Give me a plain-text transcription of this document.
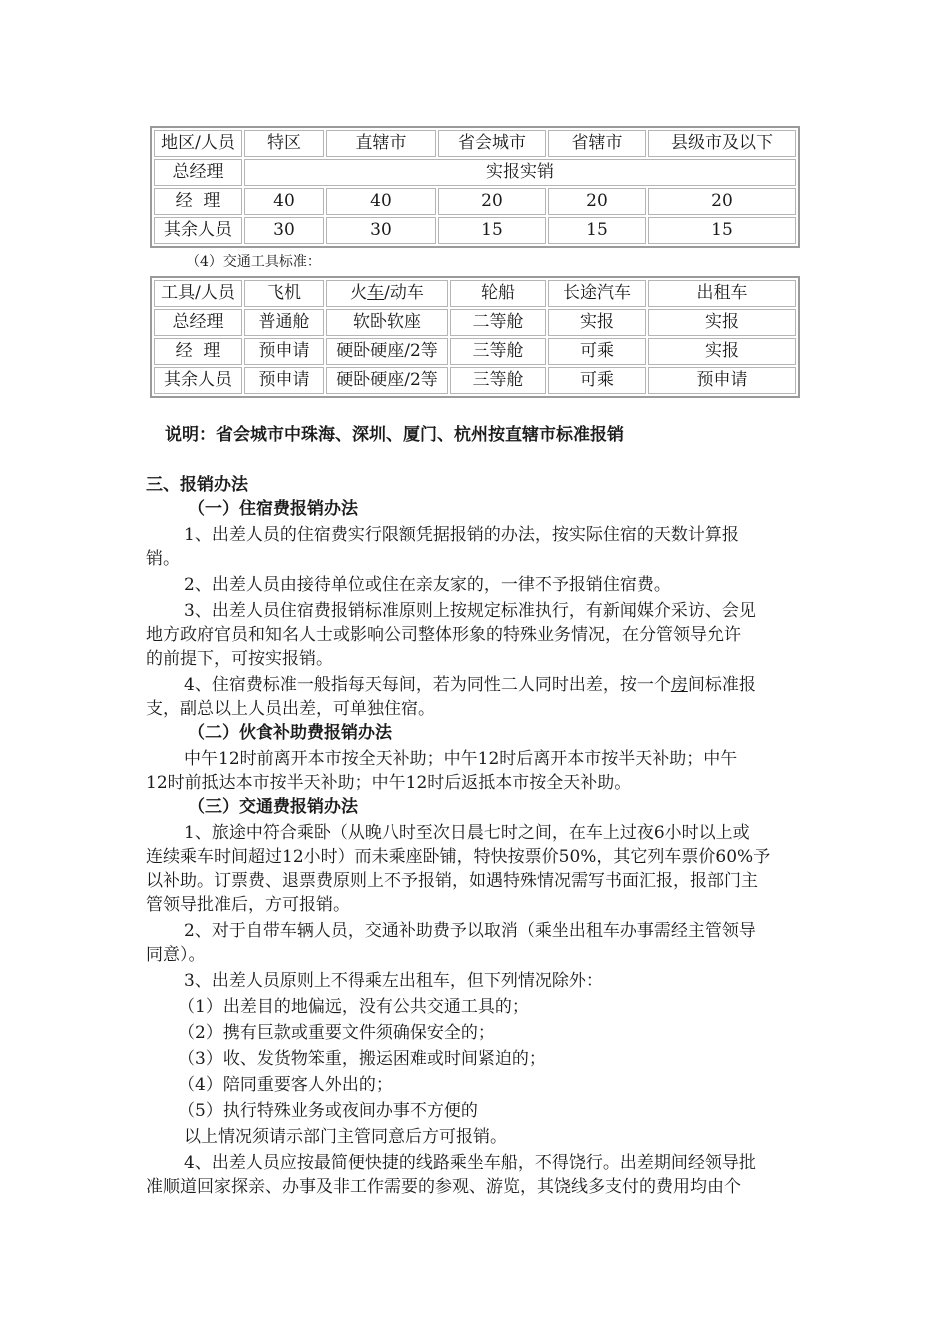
地区/人员	特区	直辖市	省会城市	省辖市	县级市及以下
总经理	实报实销				
经  理	40	40	20	20	20
其余人员	30	30	15	15	15
（4）交通工具标准：
工具/人员	飞机	火车/动车	轮船	长途汽车	出租车
总经理	普通舱	软卧软座	二等舱	实报	实报
经  理	预申请	硬卧硬座/2等	三等舱	可乘	实报
其余人员	预申请	硬卧硬座/2等	三等舱	可乘	预申请
说明：省会城市中珠海、深圳、厦门、杭州按直辖市标准报销
三、报销办法
（一）住宿费报销办法
1、出差人员的住宿费实行限额凭据报销的办法，按实际住宿的天数计算报
销。
2、出差人员由接待单位或住在亲友家的，一律不予报销住宿费。
3、出差人员住宿费报销标准原则上按规定标准执行，有新闻媒介采访、会见
地方政府官员和知名人士或影响公司整体形象的特殊业务情况，在分管领导允许
的前提下，可按实报销。
4、住宿费标准一般指每天每间，若为同性二人同时出差，按一个房间标准报
支，副总以上人员出差，可单独住宿。
（二）伙食补助费报销办法
中午12时前离开本市按全天补助；中午12时后离开本市按半天补助；中午
12时前抵达本市按半天补助；中午12时后返抵本市按全天补助。
（三）交通费报销办法
1、旅途中符合乘卧（从晚八时至次日晨七时之间，在车上过夜6小时以上或
连续乘车时间超过12小时）而未乘座卧铺，特快按票价50%，其它列车票价60%予
以补助。订票费、退票费原则上不予报销，如遇特殊情况需写书面汇报，报部门主
管领导批准后，方可报销。
2、对于自带车辆人员，交通补助费予以取消（乘坐出租车办事需经主管领导
同意）。
3、出差人员原则上不得乘左出租车，但下列情况除外：
（1）出差目的地偏远，没有公共交通工具的；
（2）携有巨款或重要文件须确保安全的；
（3）收、发货物笨重，搬运困难或时间紧迫的；
（4）陪同重要客人外出的；
（5）执行特殊业务或夜间办事不方便的
以上情况须请示部门主管同意后方可报销。
4、出差人员应按最简便快捷的线路乘坐车船，不得饶行。出差期间经领导批
准顺道回家探亲、办事及非工作需要的参观、游览，其饶线多支付的费用均由个
